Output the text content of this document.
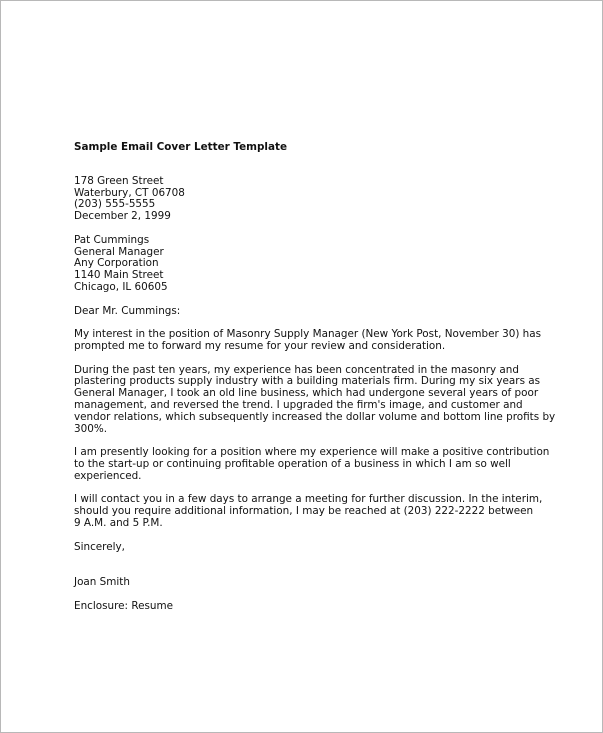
Sample Email Cover Letter Template
178 Green Street
Waterbury, CT 06708
(203) 555-5555
December 2, 1999
Pat Cummings
General Manager
Any Corporation
1140 Main Street
Chicago, IL 60605
Dear Mr. Cummings:
My interest in the position of Masonry Supply Manager (New York Post, November 30) has
prompted me to forward my resume for your review and consideration.
During the past ten years, my experience has been concentrated in the masonry and
plastering products supply industry with a building materials firm. During my six years as
General Manager, I took an old line business, which had undergone several years of poor
management, and reversed the trend. I upgraded the firm's image, and customer and
vendor relations, which subsequently increased the dollar volume and bottom line profits by
300%.
I am presently looking for a position where my experience will make a positive contribution
to the start-up or continuing profitable operation of a business in which I am so well
experienced.
I will contact you in a few days to arrange a meeting for further discussion. In the interim,
should you require additional information, I may be reached at (203) 222-2222 between
9 A.M. and 5 P.M.
Sincerely,
Joan Smith
Enclosure: Resume
